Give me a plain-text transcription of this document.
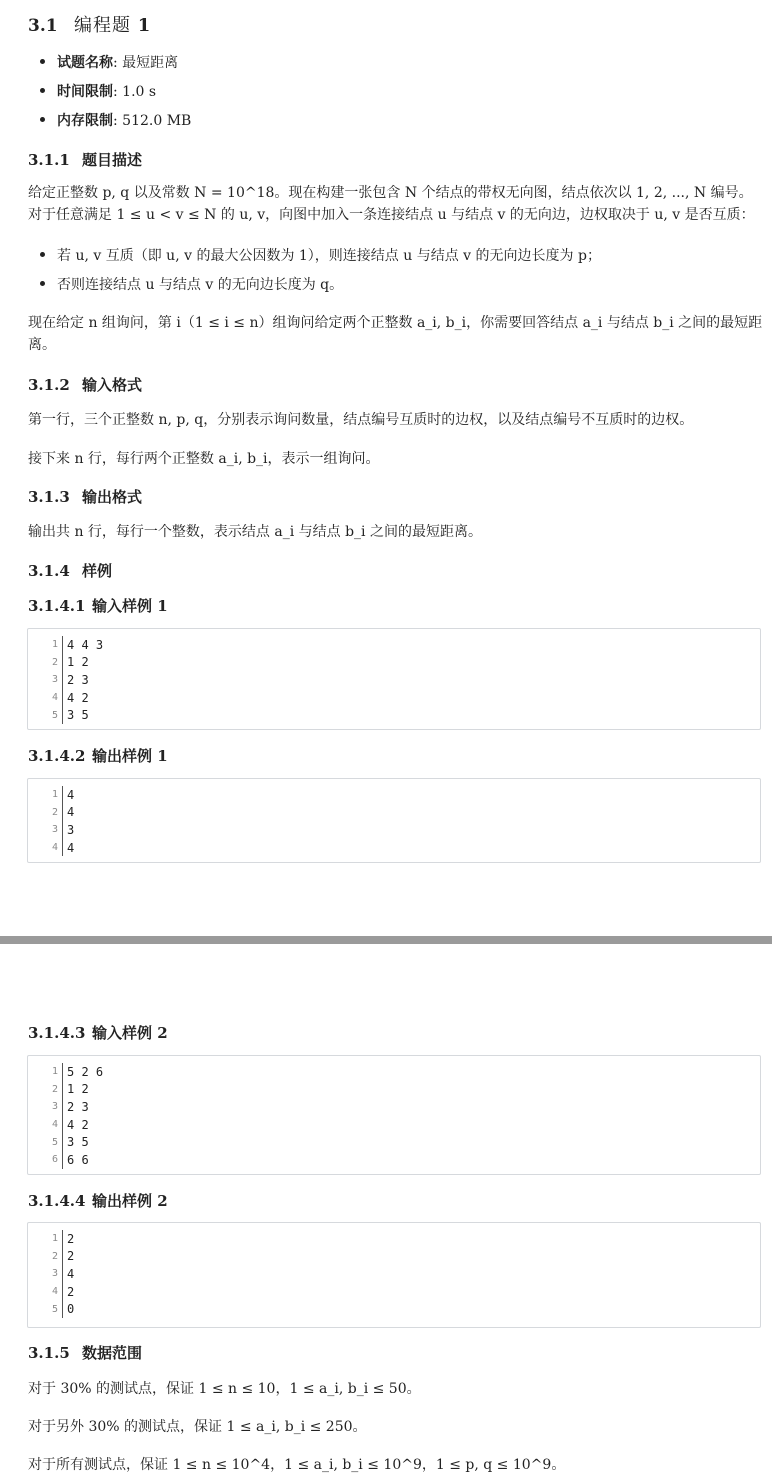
3.1 编程题 1
试题名称: 最短距离
时间限制: 1.0 s
内存限制: 512.0 MB
3.1.1 题目描述
给定正整数 p, q 以及常数 N = 10^18。现在构建一张包含 N 个结点的带权无向图，结点依次以 1, 2, ..., N 编号。对于任意满足 1 ≤ u < v ≤ N 的 u, v，向图中加入一条连接结点 u 与结点 v 的无向边，边权取决于 u, v 是否互质：
若 u, v 互质（即 u, v 的最大公因数为 1），则连接结点 u 与结点 v 的无向边长度为 p；
否则连接结点 u 与结点 v 的无向边长度为 q。
现在给定 n 组询问，第 i（1 ≤ i ≤ n）组询问给定两个正整数 a_i, b_i，你需要回答结点 a_i 与结点 b_i 之间的最短距离。
3.1.2 输入格式
第一行，三个正整数 n, p, q，分别表示询问数量，结点编号互质时的边权，以及结点编号不互质时的边权。
接下来 n 行，每行两个正整数 a_i, b_i，表示一组询问。
3.1.3 输出格式
输出共 n 行，每行一个整数，表示结点 a_i 与结点 b_i 之间的最短距离。
3.1.4 样例
3.1.4.1 输入样例 1
1 4 4 3
2 1 2
3 2 3
4 4 2
5 3 5
3.1.4.2 输出样例 1
1 4
2 4
3 3
4 4
3.1.4.3 输入样例 2
1 5 2 6
2 1 2
3 2 3
4 4 2
5 3 5
6 6 6
3.1.4.4 输出样例 2
1 2
2 2
3 4
4 2
5 0
3.1.5 数据范围
对于 30% 的测试点，保证 1 ≤ n ≤ 10，1 ≤ a_i, b_i ≤ 50。
对于另外 30% 的测试点，保证 1 ≤ a_i, b_i ≤ 250。
对于所有测试点，保证 1 ≤ n ≤ 10^4，1 ≤ a_i, b_i ≤ 10^9，1 ≤ p, q ≤ 10^9。
